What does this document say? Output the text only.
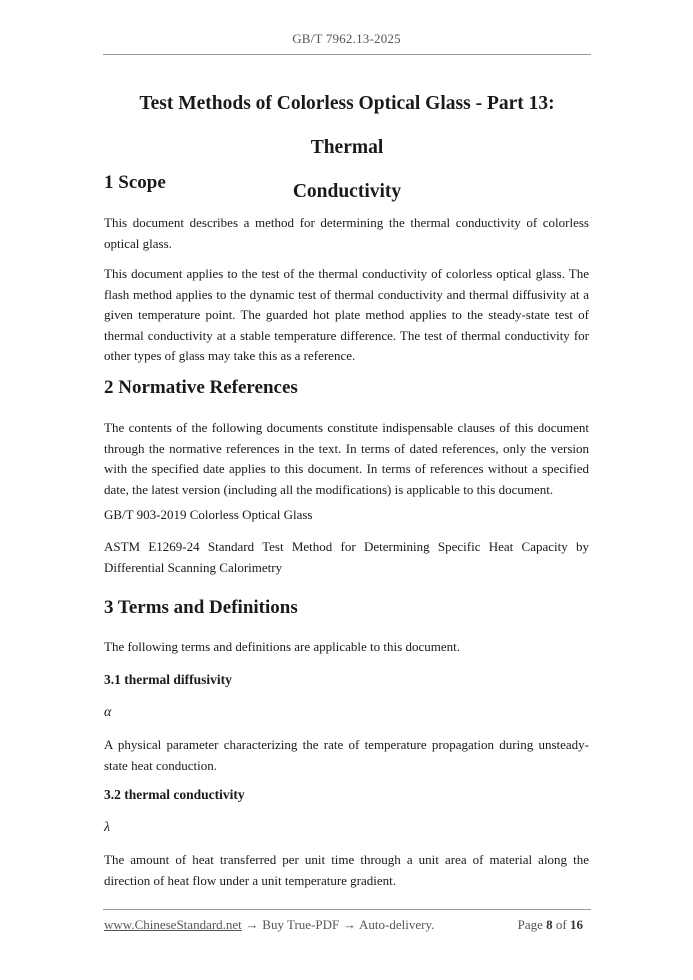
GB/T 7962.13-2025
Test Methods of Colorless Optical Glass - Part 13: Thermal
Conductivity
1 Scope

This document describes a method for determining the thermal conductivity of colorless optical glass.

This document applies to the test of the thermal conductivity of colorless optical glass. The flash method applies to the dynamic test of thermal conductivity and thermal diffusivity at a given temperature point. The guarded hot plate method applies to the steady-state test of thermal conductivity at a stable temperature difference. The test of thermal conductivity for other types of glass may take this as a reference.

2 Normative References

The contents of the following documents constitute indispensable clauses of this document through the normative references in the text. In terms of dated references, only the version with the specified date applies to this document. In terms of references without a specified date, the latest version (including all the modifications) is applicable to this document.

GB/T 903-2019 Colorless Optical Glass

ASTM E1269-24 Standard Test Method for Determining Specific Heat Capacity by Differential Scanning Calorimetry

3 Terms and Definitions

The following terms and definitions are applicable to this document.

3.1 thermal diffusivity

α

A physical parameter characterizing the rate of temperature propagation during unsteady-state heat conduction.

3.2 thermal conductivity

λ

The amount of heat transferred per unit time through a unit area of material along the direction of heat flow under a unit temperature gradient.

www.ChineseStandard.net → Buy True-PDF → Auto-delivery.	Page 8 of 16
